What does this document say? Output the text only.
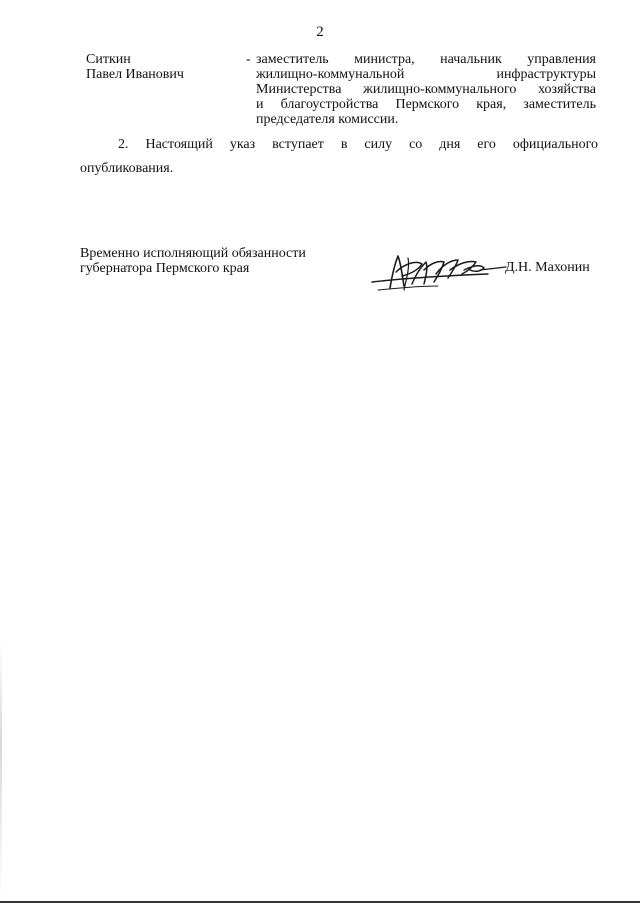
2
Ситкин
Павел Иванович
- заместитель министра, начальник управления
жилищно-коммунальной инфраструктуры
Министерства жилищно-коммунального хозяйства
и благоустройства Пермского края, заместитель
председателя комиссии.
2. Настоящий указ вступает в силу со дня его официального
опубликования.
Временно исполняющий обязанности
губернатора Пермского края	Д.Н. Махонин
